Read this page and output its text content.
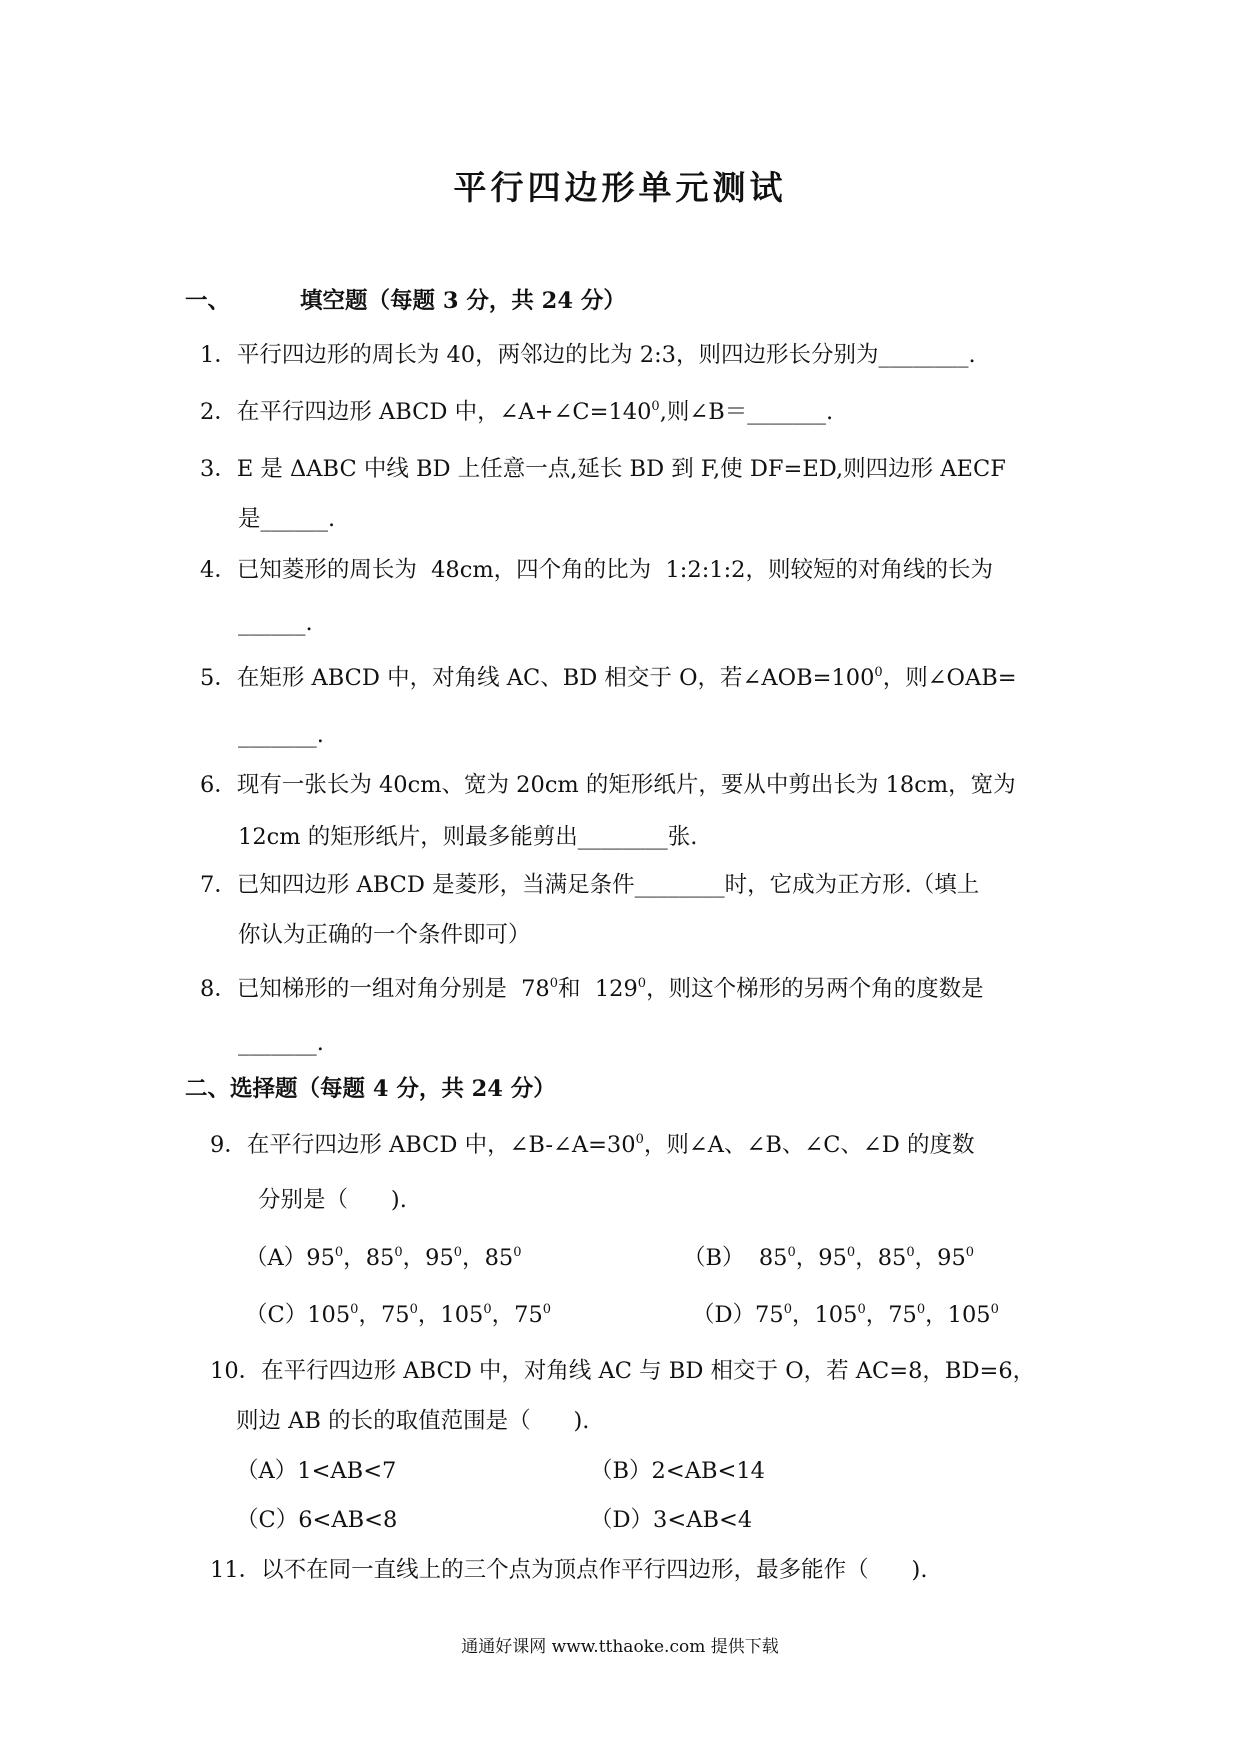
平行四边形单元测试
一、	填空题（每题 3 分，共 24 分）
1．平行四边形的周长为 40，两邻边的比为 2:3，则四边形长分别为________.
2．在平行四边形 ABCD 中，$\angle A+\angle C=140^0$,则∠B＝_______.
3．E 是 ΔABC 中线 BD 上任意一点,延长 BD 到 F,使 DF=ED,则四边形 AECF
是______.
4．已知菱形的周长为  48cm，四个角的比为  1:2:1:2，则较短的对角线的长为
______.
5．在矩形 ABCD 中，对角线 AC、BD 相交于 O，若$\angle AOB=100^0$，则∠OAB=
_______.
6．现有一张长为 40cm、宽为 20cm 的矩形纸片，要从中剪出长为 18cm，宽为
12cm 的矩形纸片，则最多能剪出________张.
7．已知四边形 ABCD 是菱形，当满足条件________时，它成为正方形.（填上
你认为正确的一个条件即可）
8．已知梯形的一组对角分别是  $78^0$和  $129^0$，则这个梯形的另两个角的度数是
_______.
二、选择题（每题 4 分，共 24 分）
9．在平行四边形 ABCD 中，$\angle B-\angle A=30^0$，则∠A、∠B、∠C、∠D 的度数
分别是（      ).
$(A)95^0$，$85^0$，$95^0$，$85^0$	（B）  $85^0$，$95^0$，$85^0$，$95^0$
$(C)105^0$，$75^0$，$105^0$，$75^0$	$(D)75^0$，$105^0$，$75^0$，$105^0$
10．在平行四边形 ABCD 中，对角线 AC 与 BD 相交于 O，若 AC=8，BD=6，
则边 AB 的长的取值范围是（      ).
（A）1<AB<7	（B）2<AB<14
（C）6<AB<8	（D）3<AB<4
11．以不在同一直线上的三个点为顶点作平行四边形，最多能作（      ).
通通好课网 www.tthaoke.com 提供下载
